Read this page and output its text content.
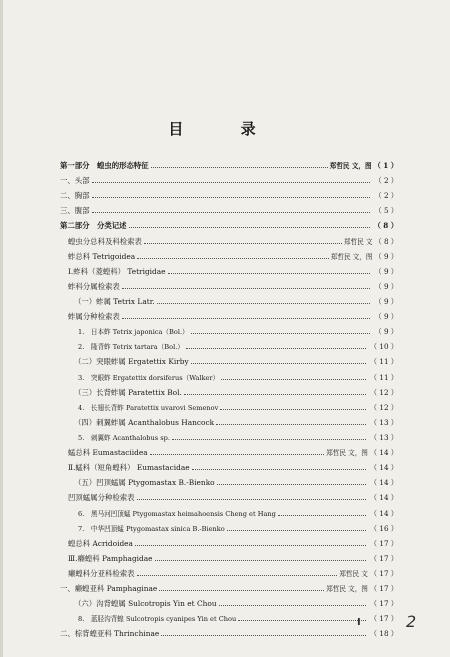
目 录
第一部分　蝗虫的形态特征	郑哲民 文，图 （ 1 ）
一、头部	（ 2 ）
二、胸部	（ 2 ）
三、腹部	（ 5 ）
第二部分　分类记述	（ 8 ）
蝗虫分总科及科检索表	郑哲民 文 （ 8 ）
蚱总科 Tetrigoidea	郑哲民 文，图 （ 9 ）
Ⅰ.蚱科（菱蝗科） Tetrigidae	（ 9 ）
蚱科分属检索表	（ 9 ）
（一）蚱属 Tetrix Latr.	（ 9 ）
蚱属分种检索表	（ 9 ）
1.　日本蚱 Tetrix japonica（Bol.）	（ 9 ）
2.　隆背蚱 Tetrix tartara（Bol.）	（ 10 ）
（二）突眼蚱属 Ergatettix Kirby	（ 11 ）
3.　突眼蚱 Ergatettix dorsiferus（Walker）	（ 11 ）
（三）长背蚱属 Paratettix Bol.	（ 12 ）
4.　长翅长背蚱 Paratettix uvarovi Semenov	（ 12 ）
（四）刺翼蚱属 Acanthalobus Hancock	（ 13 ）
5.　刺翼蚱 Acanthalobus sp.	（ 13 ）
蜢总科 Eumastaciidea	郑哲民 文，图 （ 14 ）
Ⅱ.蜢科（短角蝗科） Eumastacidae	（ 14 ）
（五）凹顶蜢属 Ptygomastax B.-Bienko	（ 14 ）
凹顶蜢属分种检索表	（ 14 ）
6.　黑马河凹顶蜢 Ptygomastax heimahoensis Cheng et Hang	（ 14 ）
7.　中华凹顶蜢 Ptygomastax sinica B.-Bienko	（ 16 ）
蝗总科 Acridoidea	（ 17 ）
Ⅲ.癞蝗科 Pamphagidae	（ 17 ）
癞蝗科分亚科检索表	郑哲民 文 （ 17 ）
一、癞蝗亚科 Pamphaginae	郑哲民 文，图 （ 17 ）
（六）沟背蝗属 Sulcotropis Yin et Chou	（ 17 ）
8.　蓝胫沟背蝗 Sulcotropis cyanipes Yin et Chou	（ 17 ）
二、棕背蝗亚科 Thrinchinae	（ 18 ）
Ⅰ	2
